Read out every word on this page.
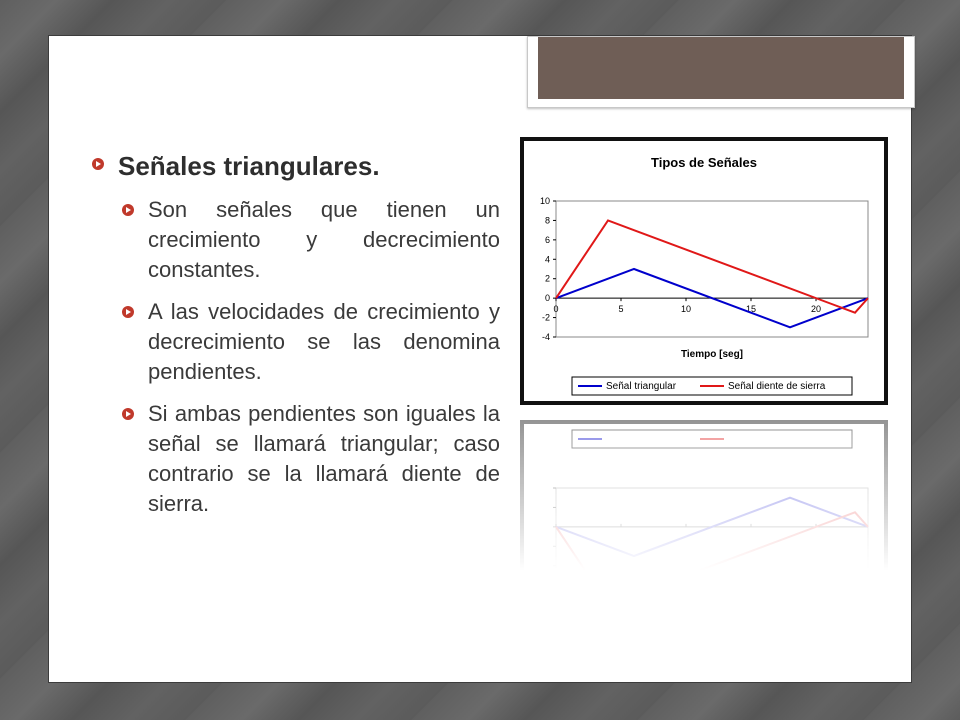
Señales triangulares.
Son señales que tienen un crecimiento y decrecimiento constantes.
A las velocidades de crecimiento y decrecimiento se las denomina pendientes.
Si ambas pendientes son iguales la señal se llamará triangular; caso contrario se la llamará diente de sierra.
Tipos de Señales
-4
-2
0
2
4
6
8
10
0	5	10	15	20
Tiempo [seg]
Señal triangular	Señal diente de sierra
